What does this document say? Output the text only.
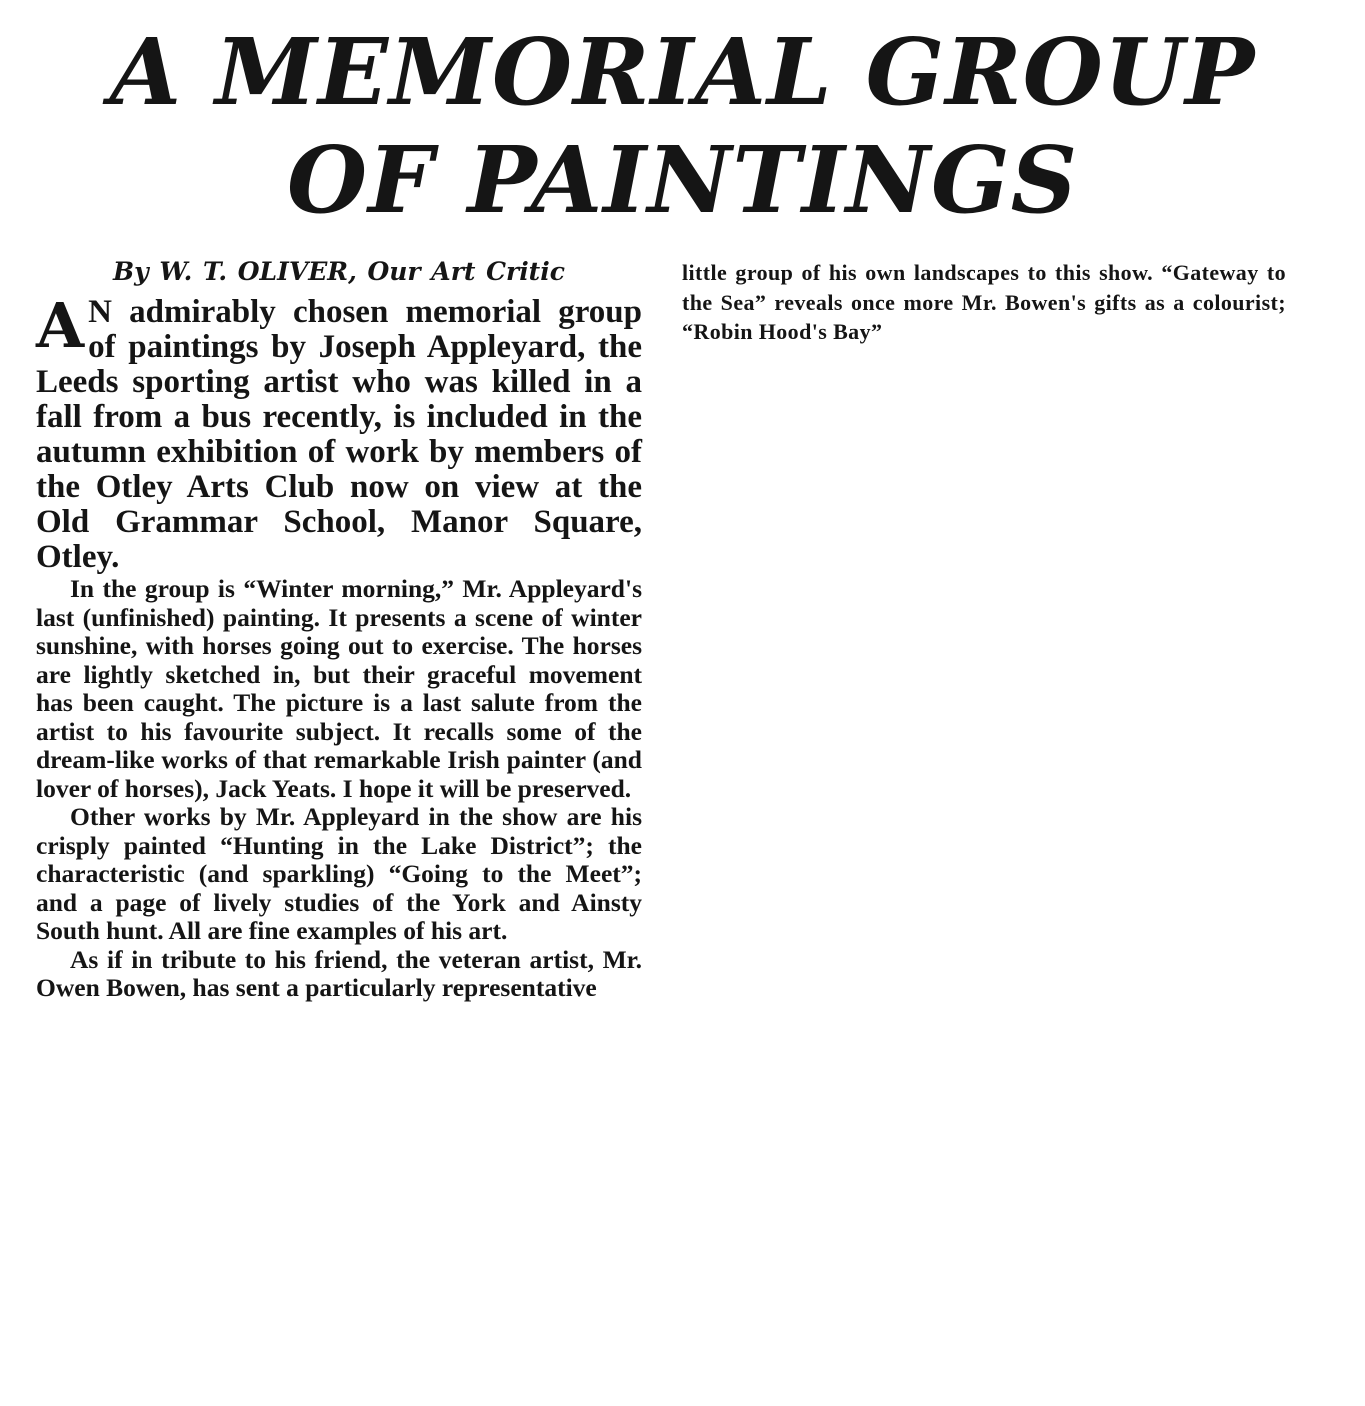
A MEMORIAL GROUP
OF PAINTINGS

By W. T. OLIVER, Our Art Critic

A N admirably chosen memorial group of paintings by Joseph Appleyard, the Leeds sporting artist who was killed in a fall from a bus recently, is included in the autumn exhibition of work by members of the Otley Arts Club now on view at the Old Grammar School, Manor Square, Otley.

In the group is “Winter morning,” Mr. Appleyard's last (unfinished) painting. It presents a scene of winter sunshine, with horses going out to exercise. The horses are lightly sketched in, but their graceful movement has been caught. The picture is a last salute from the artist to his favourite subject. It recalls some of the dream-like works of that remarkable Irish painter (and lover of horses), Jack Yeats. I hope it will be preserved.

Other works by Mr. Appleyard in the show are his crisply painted “Hunting in the Lake District”; the characteristic (and sparkling) “Going to the Meet”; and a page of lively studies of the York and Ainsty South hunt. All are fine examples of his art.

As if in tribute to his friend, the veteran artist, Mr. Owen Bowen, has sent a particularly representative

little group of his own landscapes to this show. “Gateway to the Sea” reveals once more Mr. Bowen's gifts as a colourist; “Robin Hood's Bay”
